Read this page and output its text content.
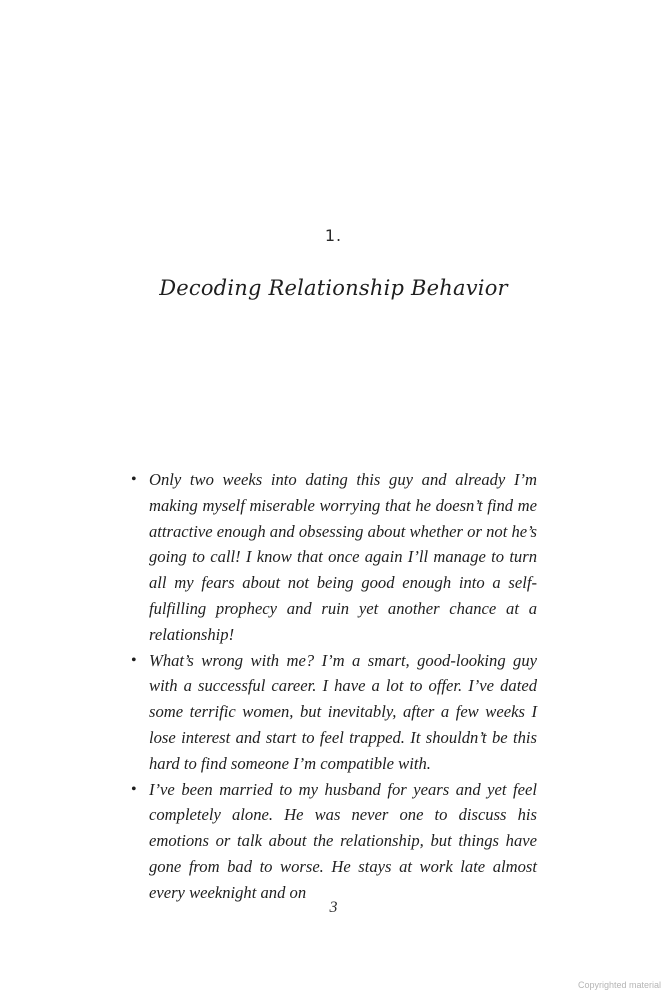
1.
Decoding Relationship Behavior
• Only two weeks into dating this guy and already I’m making myself miserable worrying that he doesn’t find me attractive enough and obsessing about whether or not he’s going to call! I know that once again I’ll manage to turn all my fears about not being good enough into a self-fulfilling prophecy and ruin yet another chance at a relationship!
• What’s wrong with me? I’m a smart, good-looking guy with a successful career. I have a lot to offer. I’ve dated some terrific women, but inevitably, after a few weeks I lose interest and start to feel trapped. It shouldn’t be this hard to find someone I’m compatible with.
• I’ve been married to my husband for years and yet feel completely alone. He was never one to discuss his emotions or talk about the relationship, but things have gone from bad to worse. He stays at work late almost every weeknight and on
3
Copyrighted material
